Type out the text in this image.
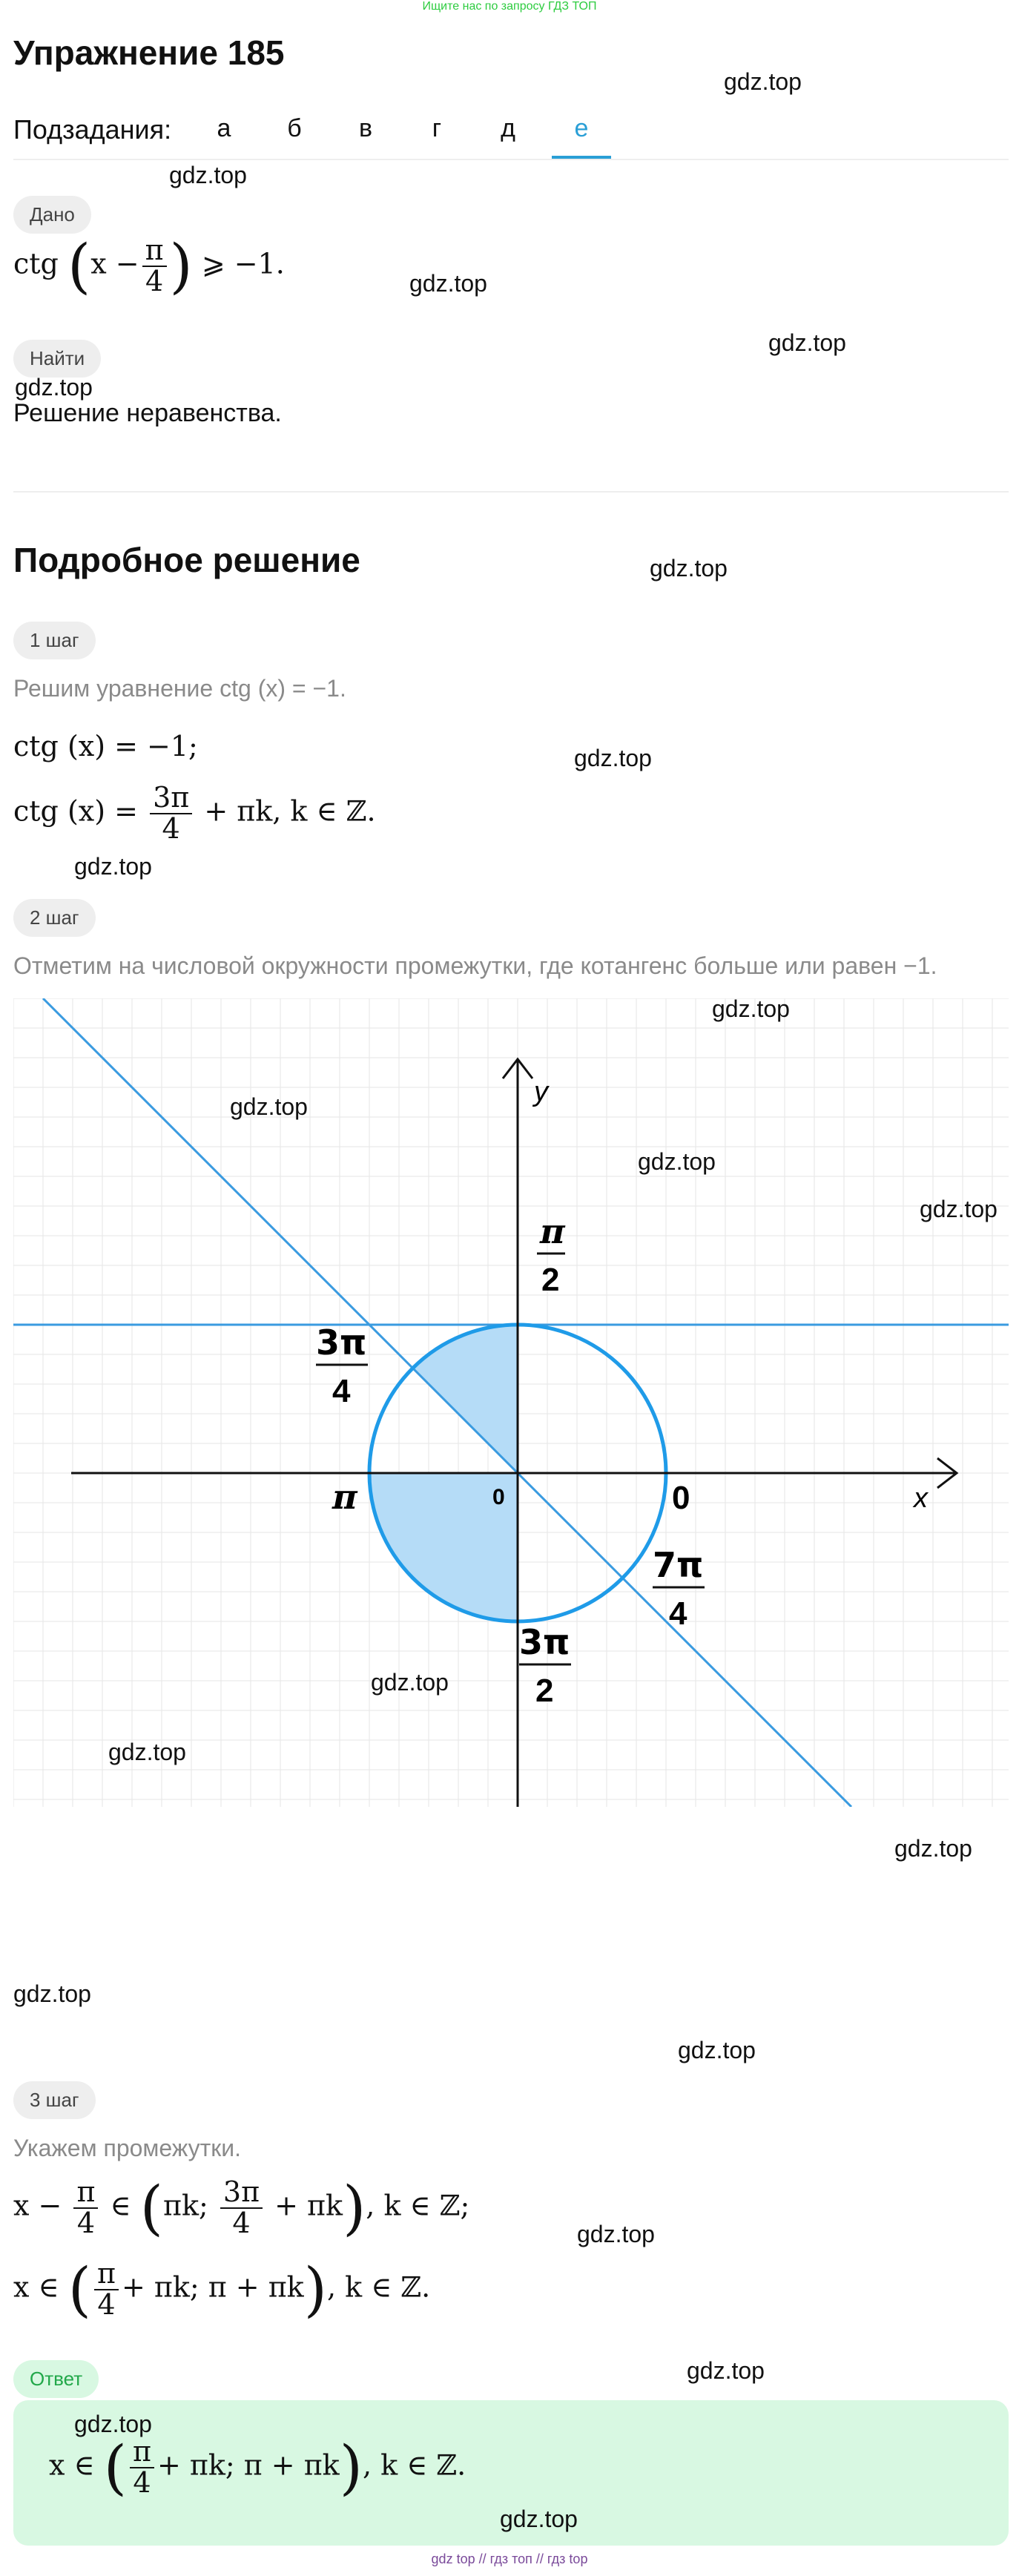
Ищите нас по запросу ГДЗ ТОП
Упражнение 185
Подзадания:	а	б	в	г	д	е
Дано
ctg ($x - \frac{\pi}{4}$ ) ⩾ −1.
Найти
Решение неравенства.
Подробное решение
1 шаг
Решим уравнение ctg (x) = −1.
ctg (x) = −1;
ctg $(x) = \frac{3\pi}{4} + \pi k$, k ∈ ℤ.
2 шаг
Отметим на числовой окружности промежутки, где котангенс больше или равен −1.
y
x
0	0
π
π
2
3π
4
3π
2
7π
4
3 шаг
Укажем промежутки.
$x - \frac{\pi}{4}$ ∈ (πk; $\frac{3\pi}{4} + \pi k$), k ∈ ℤ;
x ∈ ( $\frac{\pi}{4} + \pi k$; π + πk), k ∈ ℤ.
Ответ
x ∈ ( $\frac{\pi}{4} + \pi k$; π + πk), k ∈ ℤ.
gdz.top
gdz.top
gdz.top
gdz.top
gdz.top
gdz.top
gdz.top
gdz.top
gdz.top
gdz.top
gdz.top
gdz.top
gdz.top
gdz.top
gdz.top
gdz.top
gdz.top
gdz.top
gdz.top
gdz.top
gdz.top
gdz top // гдз топ // гдз top
